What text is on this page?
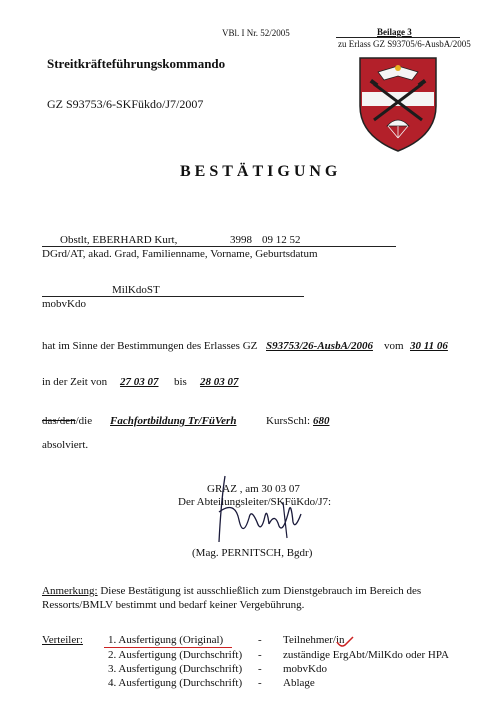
VBl. I Nr. 52/2005	Beilage 3
zu Erlass GZ S93705/6-AusbA/2005
Streitkräfteführungskommando
GZ S93753/6-SKFükdo/J7/2007
BESTÄTIGUNG
Obstlt, EBERHARD Kurt,	3998 09 12 52
DGrd/AT, akad. Grad, Familienname, Vorname, Geburtsdatum
MilKdoST
mobvKdo
hat im Sinne der Bestimmungen des Erlasses GZ S93753/26-AusbA/2006 vom 30 11 06
in der Zeit von 27 03 07 bis 28 03 07
das/den/die Fachfortbildung Tr/FüVerh	KursSchl: 680
absolviert.
GRAZ , am 30 03 07
Der Abteilungsleiter/SKFüKdo/J7:
(Mag. PERNITSCH, Bgdr)
Anmerkung: Diese Bestätigung ist ausschließlich zum Dienstgebrauch im Bereich des
Ressorts/BMLV bestimmt und bedarf keiner Vergebührung.
Verteiler: 1. Ausfertigung (Original)	- Teilnehmer/in
2. Ausfertigung (Durchschrift) - zuständige ErgAbt/MilKdo oder HPA
3. Ausfertigung (Durchschrift) - mobvKdo
4. Ausfertigung (Durchschrift) - Ablage
